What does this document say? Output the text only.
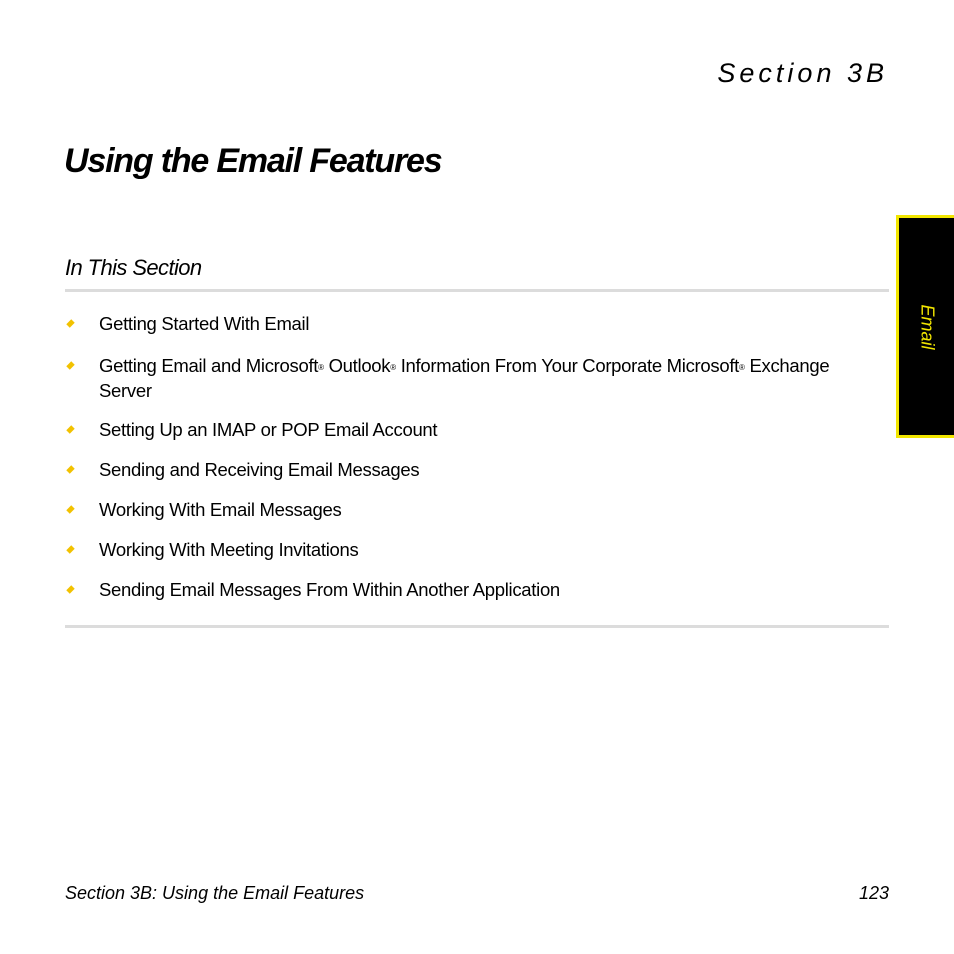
Section 3B
Using the Email Features
In This Section
Getting Started With Email
Getting Email and Microsoft® Outlook® Information From Your Corporate Microsoft® Exchange Server
Setting Up an IMAP or POP Email Account
Sending and Receiving Email Messages
Working With Email Messages
Working With Meeting Invitations
Sending Email Messages From Within Another Application
Email
Section 3B: Using the Email Features	123
